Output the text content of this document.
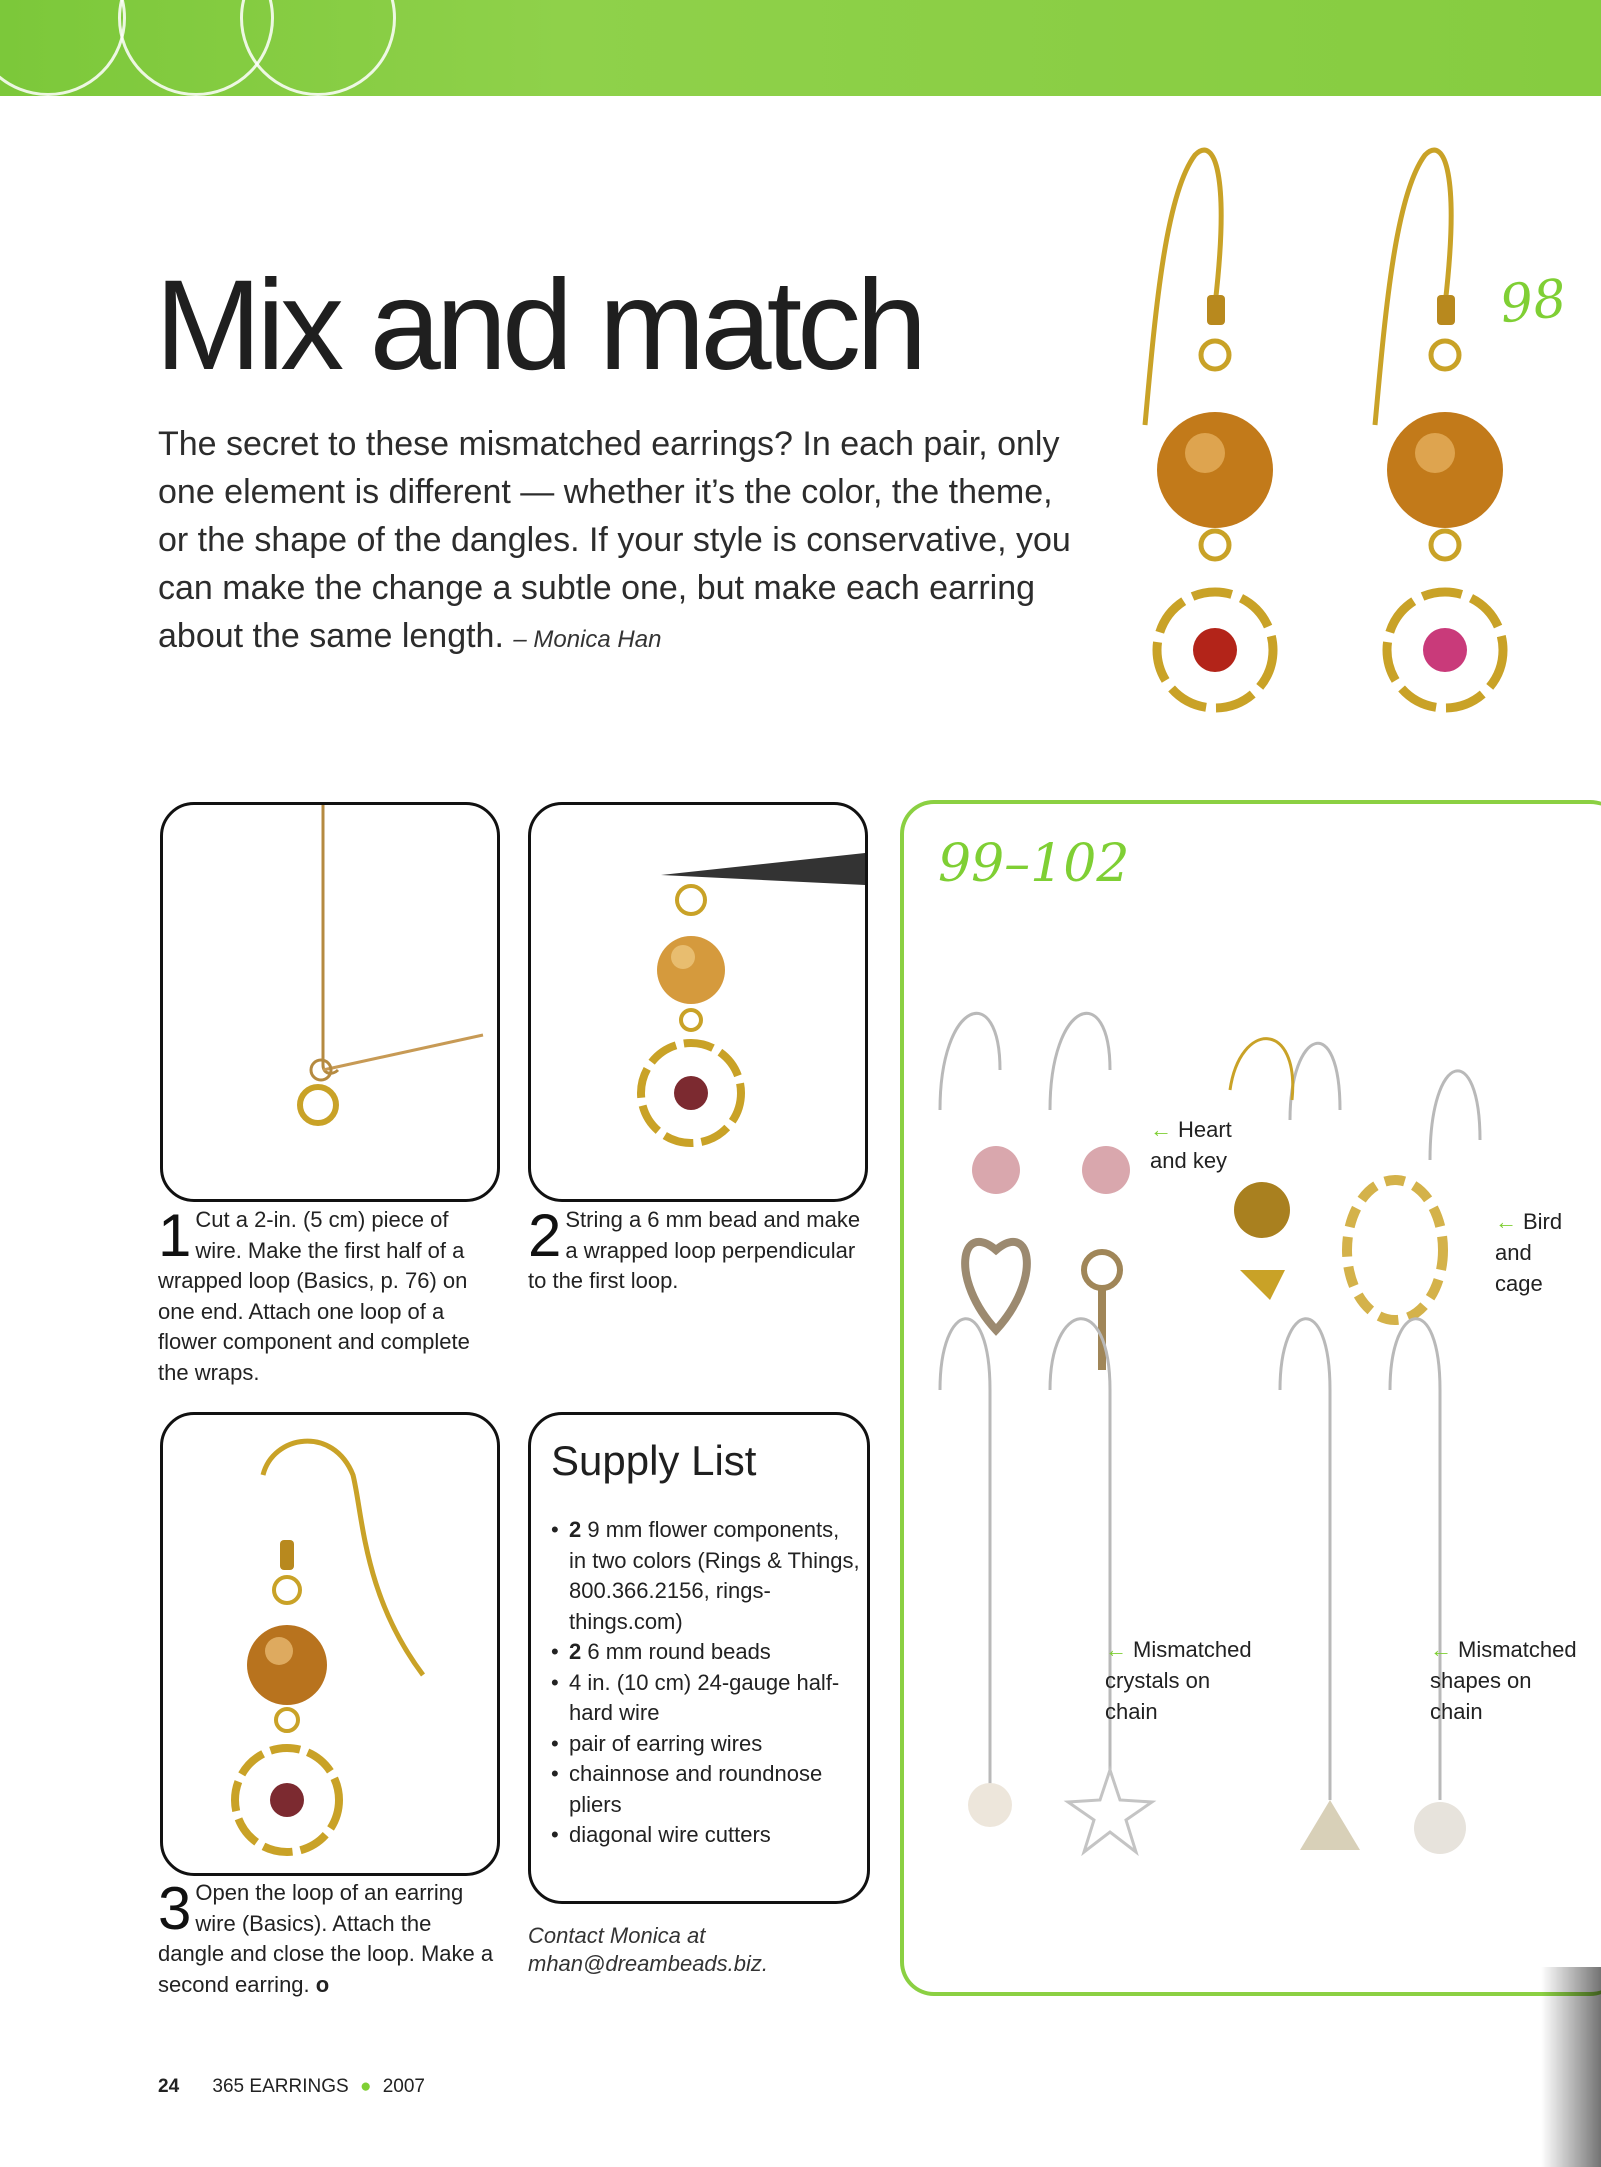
Mix and match

The secret to these mismatched earrings? In each pair, only one element is different — whether it’s the color, the theme, or the shape of the dangles. If your style is conservative, you can make the change a subtle one, but make each earring about the same length. – Monica Han

98
1 Cut a 2-in. (5 cm) piece of wire. Make the first half of a wrapped loop (Basics, p. 76) on one end. Attach one loop of a flower component and complete the wraps.
2 String a 6 mm bead and make a wrapped loop perpendicular to the first loop.
3 Open the loop of an earring wire (Basics). Attach the dangle and close the loop. Make a second earring. o
Supply List
• 2 9 mm flower components, in two colors (Rings & Things, 800.366.2156, rings-things.com)
• 2 6 mm round beads
• 4 in. (10 cm) 24-gauge half-hard wire
• pair of earring wires
• chainnose and roundnose pliers
• diagonal wire cutters
Contact Monica at mhan@dreambeads.biz.
99–102
← Heart and key
← Bird and cage
← Mismatched crystals on chain
← Mismatched shapes on chain
24 365 EARRINGS ● 2007
